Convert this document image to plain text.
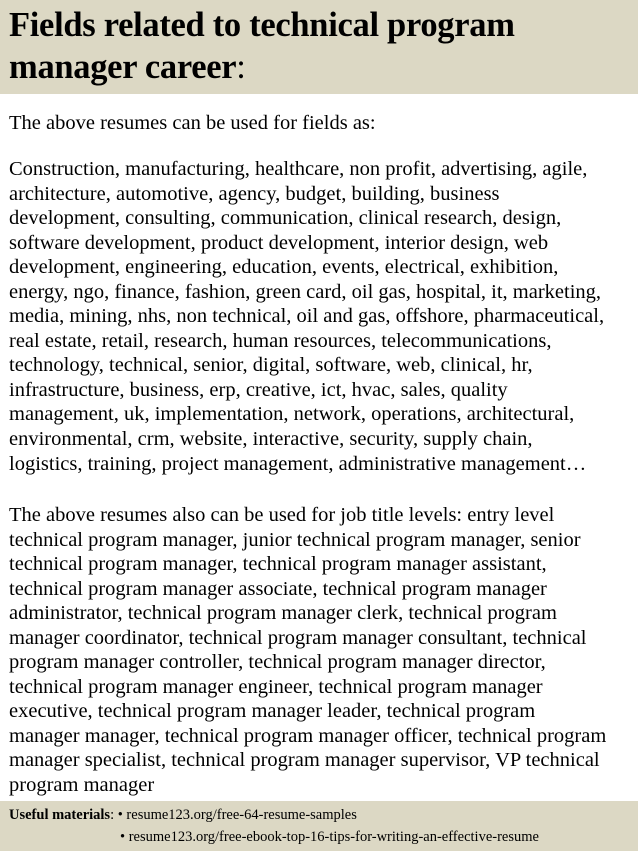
Fields related to technical program manager career:
The above resumes can be used for fields as:
Construction, manufacturing, healthcare, non profit, advertising, agile,
architecture, automotive, agency, budget, building, business
development, consulting, communication, clinical research, design,
software development, product development, interior design, web
development, engineering, education, events, electrical, exhibition,
energy, ngo, finance, fashion, green card, oil gas, hospital, it, marketing,
media, mining, nhs, non technical, oil and gas, offshore, pharmaceutical,
real estate, retail, research, human resources, telecommunications,
technology, technical, senior, digital, software, web, clinical, hr,
infrastructure, business, erp, creative, ict, hvac, sales, quality
management, uk, implementation, network, operations, architectural,
environmental, crm, website, interactive, security, supply chain,
logistics, training, project management, administrative management…
The above resumes also can be used for job title levels: entry level
technical program manager, junior technical program manager, senior
technical program manager, technical program manager assistant,
technical program manager associate, technical program manager
administrator, technical program manager clerk, technical program
manager coordinator, technical program manager consultant, technical
program manager controller, technical program manager director,
technical program manager engineer, technical program manager
executive, technical program manager leader, technical program
manager manager, technical program manager officer, technical program
manager specialist, technical program manager supervisor, VP technical
program manager
Useful materials: • resume123.org/free-64-resume-samples
• resume123.org/free-ebook-top-16-tips-for-writing-an-effective-resume
